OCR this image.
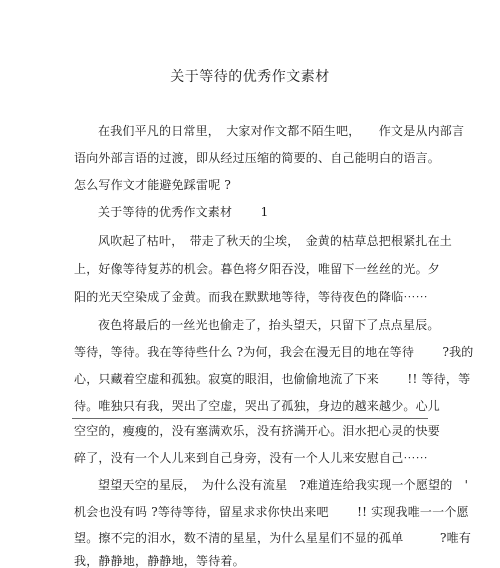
关于等待的优秀作文素材
在我们平凡的日常里，　大家对作文都不陌生吧，　　作文是从内部言
语向外部言语的过渡，即从经过压缩的简要的、自己能明白的语言。
怎么写作文才能避免踩雷呢 ?
关于等待的优秀作文素材　　 1
风吹起了枯叶，　带走了秋天的尘埃，　金黄的枯草总把根紧扎在土
上，好像等待复苏的机会。暮色将夕阳吞没，唯留下一丝丝的光。夕
阳的光天空染成了金黄。而我在默默地等待，等待夜色的降临⋯⋯
夜色将最后的一丝光也偷走了，抬头望天，只留下了点点星辰。
等待，等待。我在等待些什么 ?为何，我会在漫无目的地在等待　　 ?我的
心，只藏着空虚和孤独。寂寞的眼泪，也偷偷地流了下来　　 !! 等待，等
待。唯独只有我，哭出了空虚，哭出了孤独，身边的越来越少。心儿
空空的，瘦瘦的，没有塞满欢乐，没有挤满开心。泪水把心灵的快要
碎了，没有一个人儿来到自己身旁，没有一个人儿来安慰自己⋯⋯
望望天空的星辰，　为什么没有流星　?难道连给我实现一个愿望的　'
机会也没有吗 ?等待等待，留星求求你快出来吧　　 !! 实现我唯一一个愿
望。擦不完的泪水，数不清的星星，为什么星星们不显的孤单　　　?唯有
我，静静地，静静地，等待着。
